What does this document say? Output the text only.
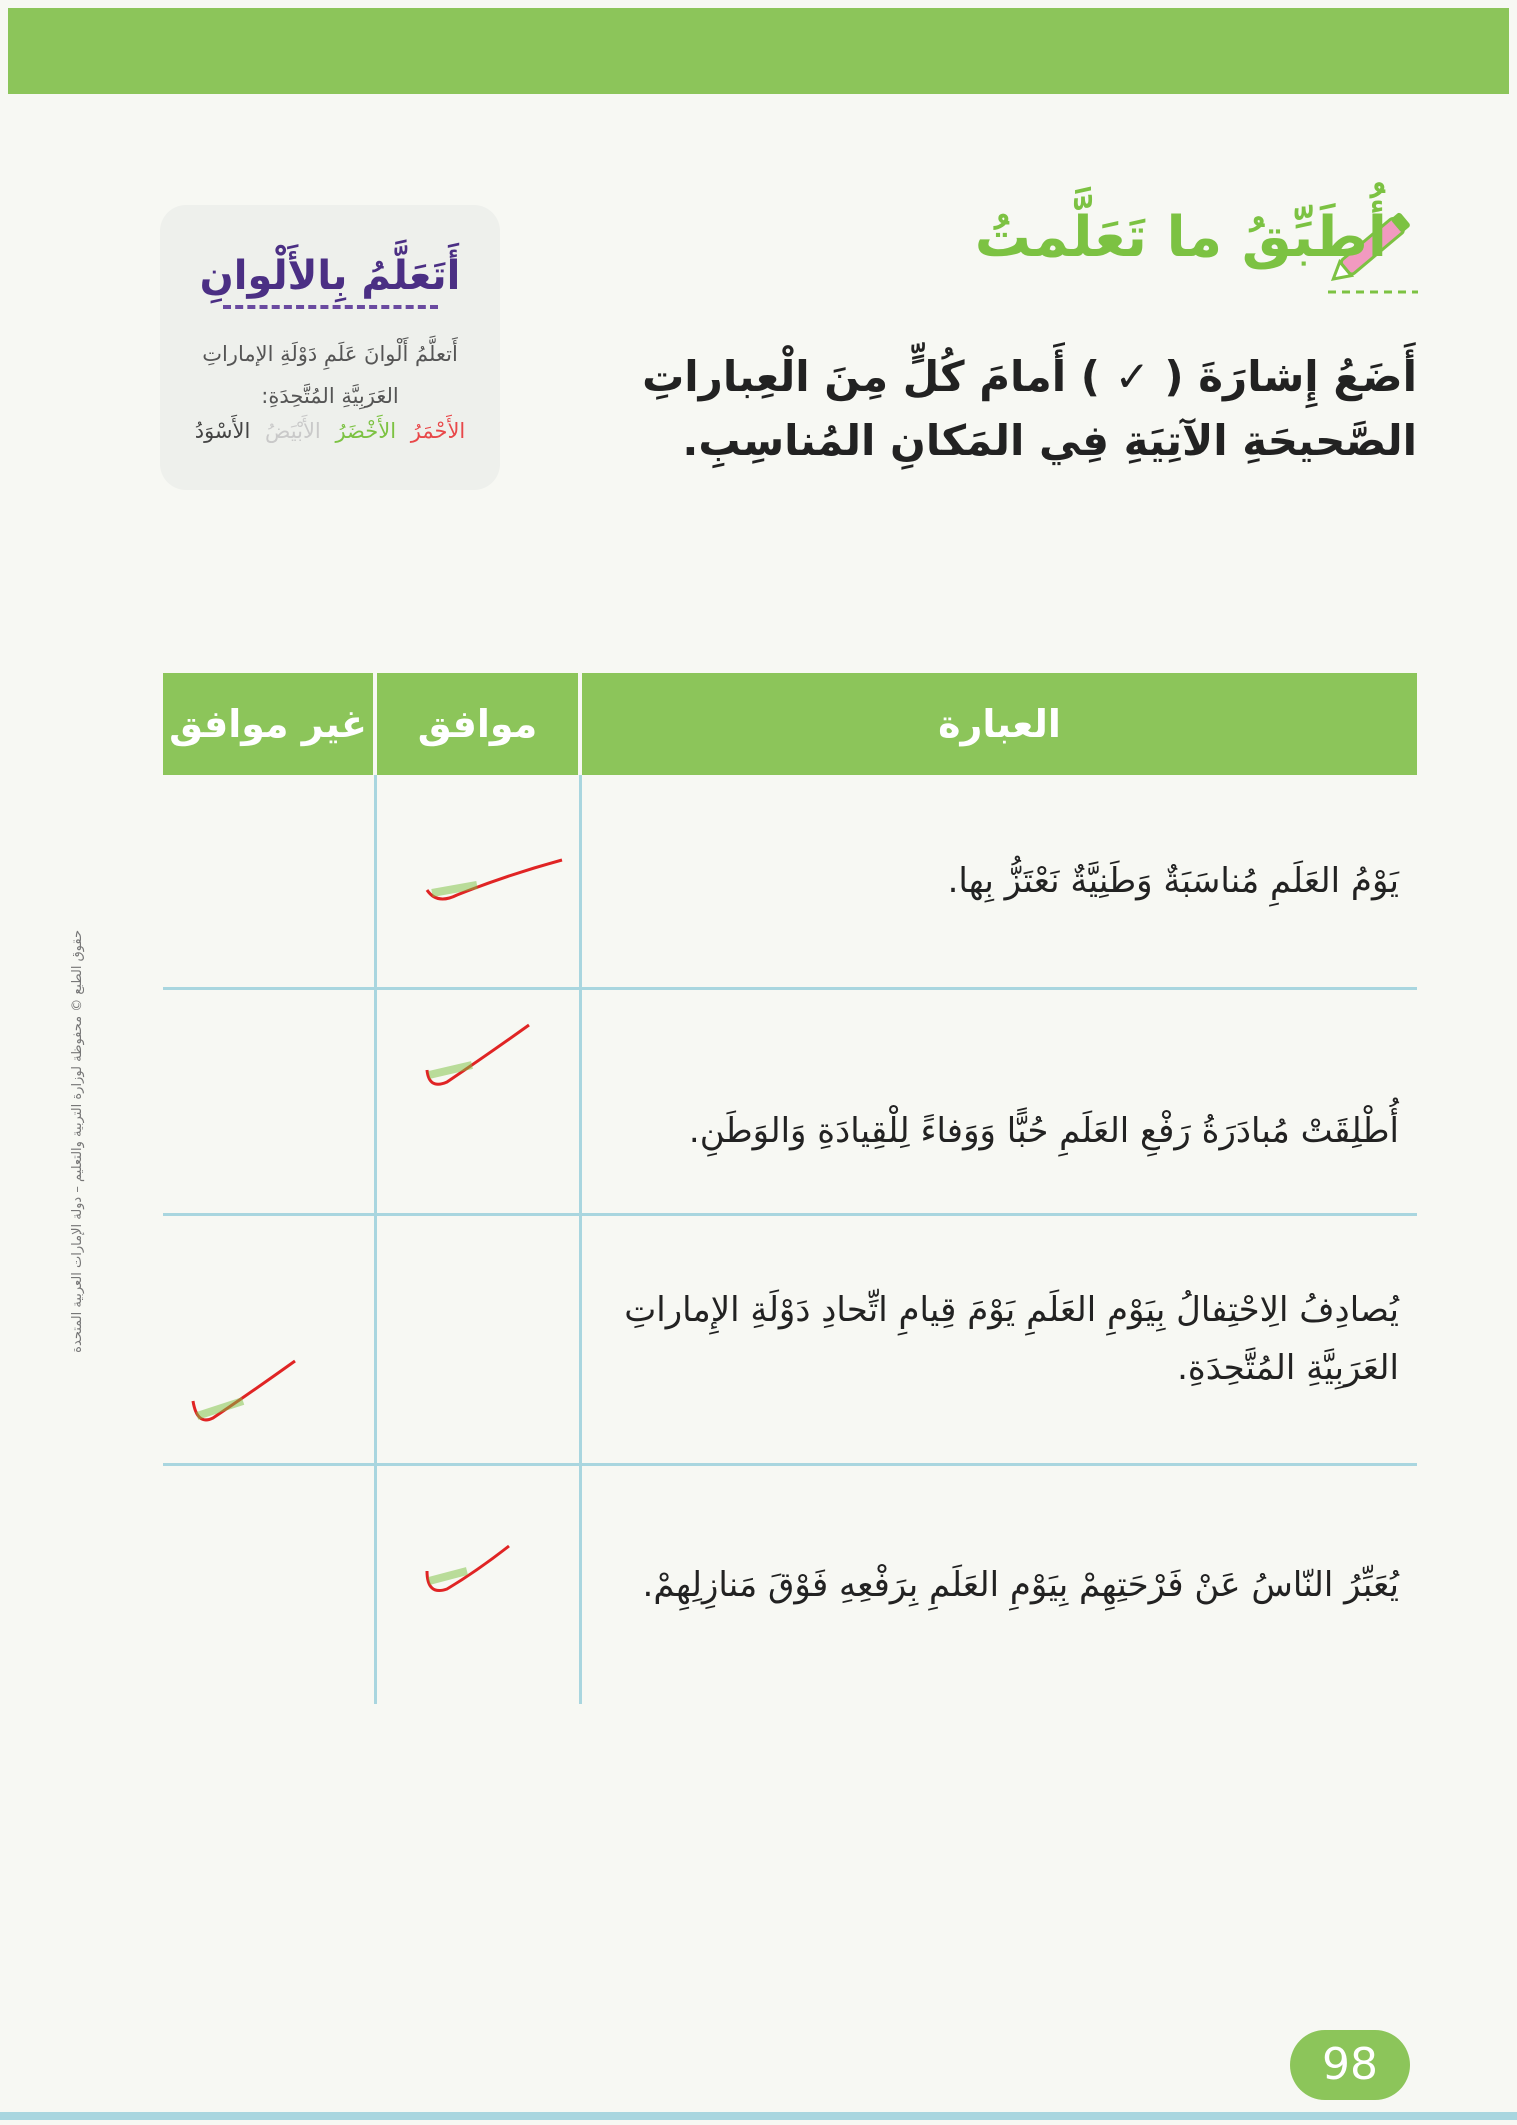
أُطَبِّقُ ما تَعَلَّمتُ
أَضَعُ إِشارَةَ ( ✓ ) أَمامَ كُلٍّ مِنَ الْعِباراتِ الصَّحيحَةِ الآتِيَةِ فِي المَكانِ المُناسِبِ.
أَتَعَلَّمُ بِالأَلْوانِ
أَتعلَّمُ أَلْوانَ عَلَمِ دَوْلَةِ الإماراتِ العَرَبِيَّةِ المُتَّحِدَةِ:
الأَحْمَرُ الأَخْضَرُ الأَبْيَضُ الأَسْوَدُ
العبارة	موافق	غير موافق
يَوْمُ العَلَمِ مُناسَبَةٌ وَطَنِيَّةٌ نَعْتَزُّ بِها.	

أُطْلِقَتْ مُبادَرَةُ رَفْعِ العَلَمِ حُبًّا وَوَفاءً لِلْقِيادَةِ وَالوَطَنِ.	

يُصادِفُ الِاحْتِفالُ بِيَوْمِ العَلَمِ يَوْمَ قِيامِ اتِّحادِ دَوْلَةِ الإِماراتِ العَرَبِيَّةِ المُتَّحِدَةِ.		

يُعَبِّرُ النّاسُ عَنْ فَرْحَتِهِمْ بِيَوْمِ العَلَمِ بِرَفْعِهِ فَوْقَ مَنازِلِهِمْ.	

حقوق الطبع © محفوظة لوزارة التربية والتعليم – دولة الإمارات العربية المتحدة
98
